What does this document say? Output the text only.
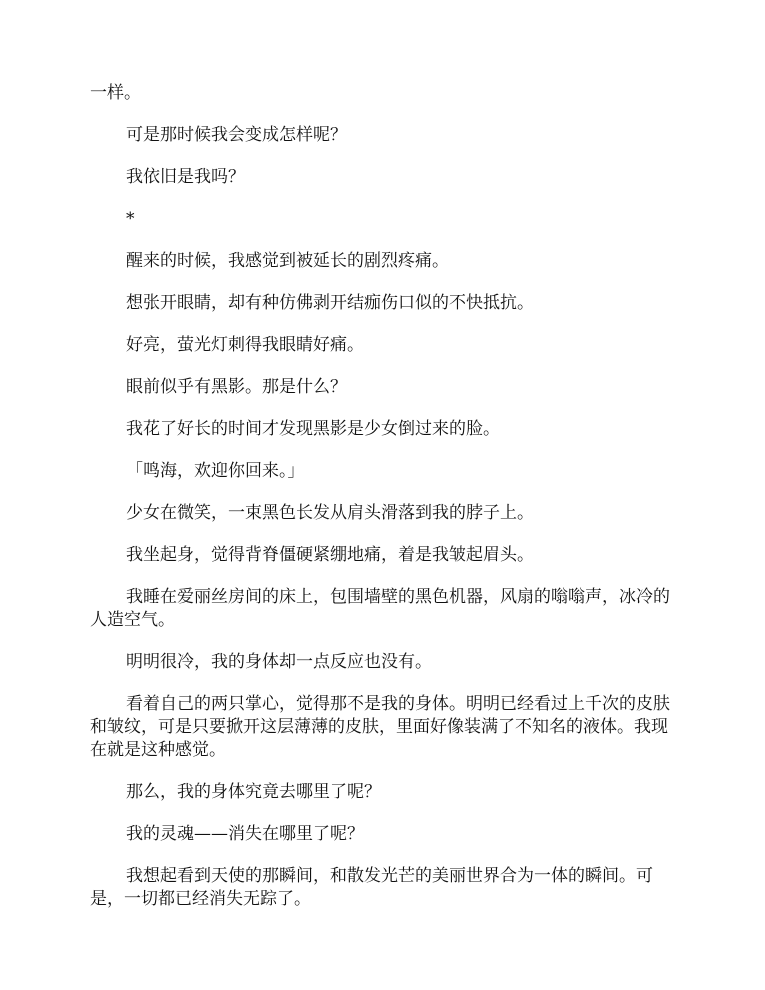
一样。

可是那时候我会变成怎样呢？

我依旧是我吗？

*

醒来的时候，我感觉到被延长的剧烈疼痛。

想张开眼睛，却有种仿佛剥开结痂伤口似的不快抵抗。

好亮，萤光灯刺得我眼睛好痛。

眼前似乎有黑影。那是什么？

我花了好长的时间才发现黑影是少女倒过来的脸。

「鸣海，欢迎你回来。」

少女在微笑，一束黑色长发从肩头滑落到我的脖子上。

我坐起身，觉得背脊僵硬紧绷地痛，着是我皱起眉头。

我睡在爱丽丝房间的床上，包围墙壁的黑色机器，风扇的嗡嗡声，冰冷的人造空气。

明明很冷，我的身体却一点反应也没有。

看着自己的两只掌心，觉得那不是我的身体。明明已经看过上千次的皮肤和皱纹，可是只要掀开这层薄薄的皮肤，里面好像装满了不知名的液体。我现在就是这种感觉。

那么，我的身体究竟去哪里了呢？

我的灵魂——消失在哪里了呢？

我想起看到天使的那瞬间，和散发光芒的美丽世界合为一体的瞬间。可是，一切都已经消失无踪了。
